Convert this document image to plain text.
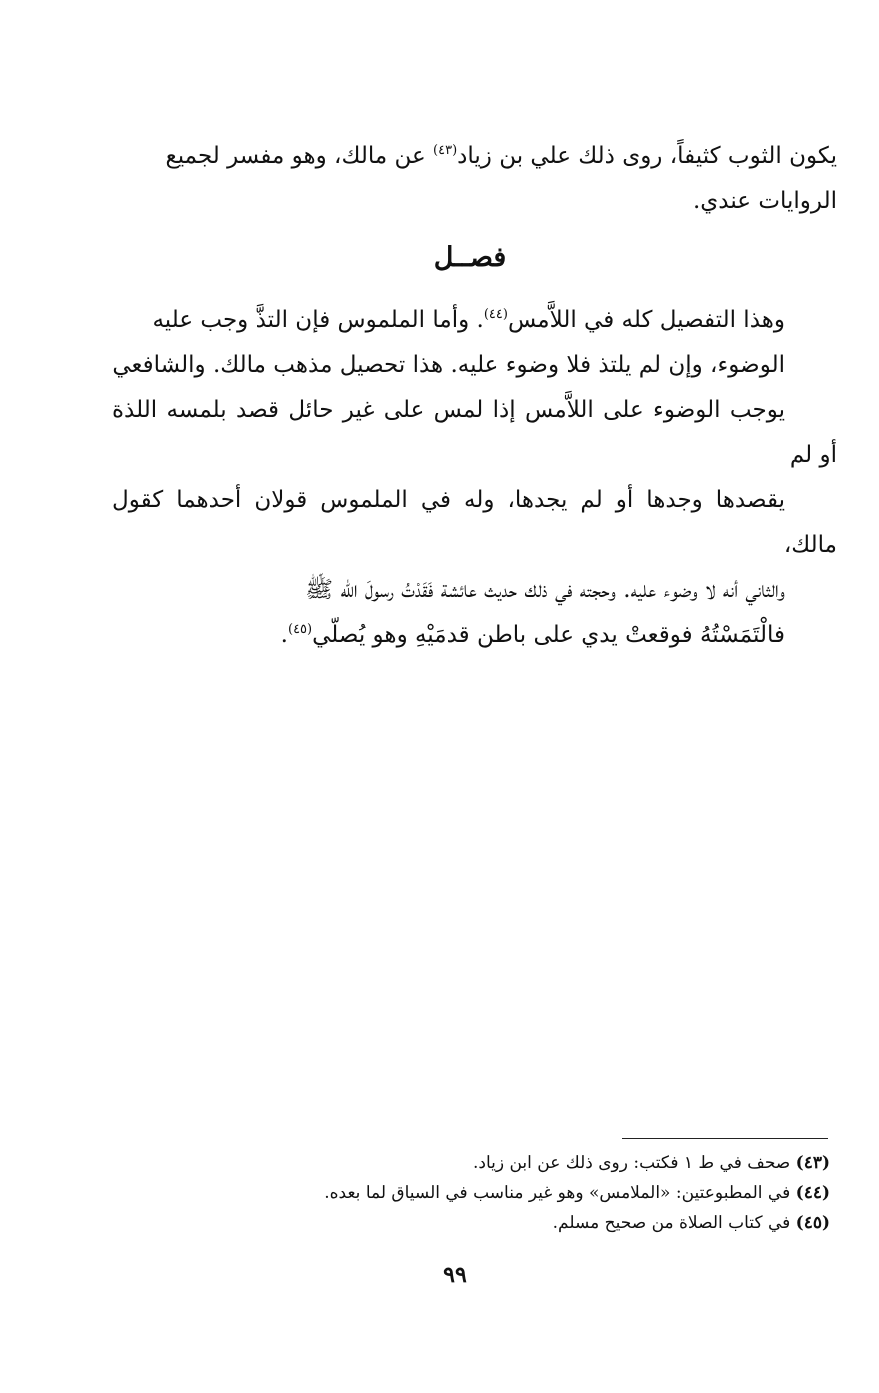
يكون الثوب كثيفاً، روى ذلك علي بن زياد$^{(٤٣)}$ عن مالك، وهو مفسر لجميع
الروايات عندي.
فصــل
وهذا التفصيل كله في اللاَّمس$^{(٤٤)}$. وأما الملموس فإن التذَّ وجب عليه
الوضوء، وإن لم يلتذ فلا وضوء عليه. هذا تحصيل مذهب مالك. والشافعي
يوجب الوضوء على اللاَّمس إذا لمس على غير حائل قصد بلمسه اللذة أو لم
يقصدها وجدها أو لم يجدها، وله في الملموس قولان أحدهما كقول مالك،
والثاني أنه لا وضوء عليه. وحجته في ذلك حديث عائشة فَقَدْتُ رسولَ الله ﷺ
فالْتَمَسْتُهُ فوقعتْ يدي على باطن قدمَيْهِ وهو يُصلّي$^{(٤٥)}$.
(٤٣) صحف في ط ١ فكتب: روى ذلك عن ابن زياد.
(٤٤) في المطبوعتين: «الملامس» وهو غير مناسب في السياق لما بعده.
(٤٥) في كتاب الصلاة من صحيح مسلم.
٩٩
